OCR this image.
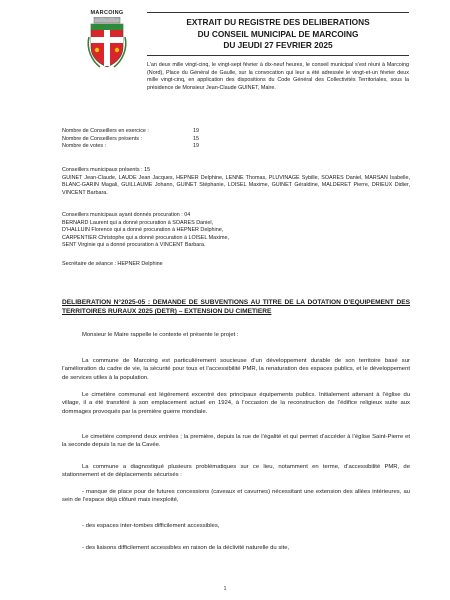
MARCOING
EXTRAIT DU REGISTRE DES DELIBERATIONS
DU CONSEIL MUNICIPAL DE MARCOING
DU JEUDI 27 FEVRIER 2025
L’an deux mille vingt-cinq, le vingt-sept février à dix-neuf heures, le conseil municipal s’est réuni à Marcoing (Nord), Place du Général de Gaulle, sur la convocation qui leur a été adressée le vingt-et-un février deux mille vingt-cinq, en application des dispositions du Code Général des Collectivités Territoriales, sous la présidence de Monsieur Jean-Claude GUINET, Maire.
Nombre de Conseillers en exercice :	19
Nombre de Conseillers présents :	15
Nombre de votes :	19
Conseillers municipaux présents : 15
GUINET Jean-Claude, LAUDE Jean Jacques, HEPNER Delphine, LENNE Thomas, PLUVINAGE Sybille, SOARES Daniel, MARSAN Isabelle, BLANC-GARIN Magali, GUILLAUME Johann, GUINET Stéphanie, LOISEL Maxime, GUINET Géraldine, MALDERET Pierre, DRIEUX Didier, VINCENT Barbara.
Conseillers municipaux ayant donnés procuration : 04
BERNARD Laurent qui a donné procuration à SOARES Daniel,
D’HALLUIN Florence qui a donné procuration à HEPNER Delphine,
CARPENTIER Christophe qui a donné procuration à LOISEL Maxime,
SENT Virginie qui a donné procuration à VINCENT Barbara.
Secrétaire de séance : HEPNER Delphine
DELIBERATION N°2025-05 : DEMANDE DE SUBVENTIONS AU TITRE DE LA DOTATION D’EQUIPEMENT DES TERRITOIRES RURAUX 2025 (DETR) – EXTENSION DU CIMETIERE
Monsieur le Maire rappelle le contexte et présente le projet :
La commune de Marcoing est particulièrement soucieuse d’un développement durable de son territoire basé sur l’amélioration du cadre de vie, la sécurité pour tous et l’accessibilité PMR, la renaturation des espaces publics, et le développement de services utiles à la population.
Le cimetière communal est légèrement excentré des principaux équipements publics. Initialement attenant à l’église du village, il a été transféré à son emplacement actuel en 1924, à l’occasion de la reconstruction de l’édifice religieux suite aux dommages provoqués par la première guerre mondiale.
Le cimetière comprend deux entrées ; la première, depuis la rue de l’égalité et qui permet d’accéder à l’église Saint-Pierre et la seconde depuis la rue de la Cavée.
La commune a diagnostiqué plusieurs problématiques sur ce lieu, notamment en terme, d’accessibilité PMR, de stationnement et de déplacements sécurisés :
- manque de place pour de futures concessions (caveaux et cavurnes) nécessitant une extension des allées intérieures, au sein de l’espace déjà clôturé mais inexploité,
- des espaces inter-tombes difficilement accessibles,
- des liaisons difficilement accessibles en raison de la déclivité naturelle du site,
1
